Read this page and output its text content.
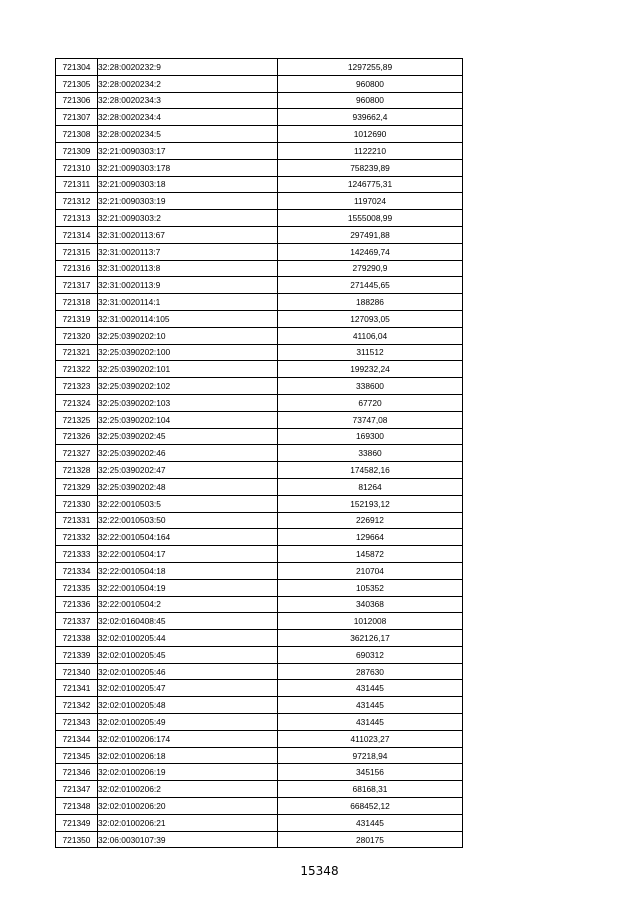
721304	32:28:0020232:9	1297255,89
721305	32:28:0020234:2	960800
721306	32:28:0020234:3	960800
721307	32:28:0020234:4	939662,4
721308	32:28:0020234:5	1012690
721309	32:21:0090303:17	1122210
721310	32:21:0090303:178	758239,89
721311	32:21:0090303:18	1246775,31
721312	32:21:0090303:19	1197024
721313	32:21:0090303:2	1555008,99
721314	32:31:0020113:67	297491,88
721315	32:31:0020113:7	142469,74
721316	32:31:0020113:8	279290,9
721317	32:31:0020113:9	271445,65
721318	32:31:0020114:1	188286
721319	32:31:0020114:105	127093,05
721320	32:25:0390202:10	41106,04
721321	32:25:0390202:100	311512
721322	32:25:0390202:101	199232,24
721323	32:25:0390202:102	338600
721324	32:25:0390202:103	67720
721325	32:25:0390202:104	73747,08
721326	32:25:0390202:45	169300
721327	32:25:0390202:46	33860
721328	32:25:0390202:47	174582,16
721329	32:25:0390202:48	81264
721330	32:22:0010503:5	152193,12
721331	32:22:0010503:50	226912
721332	32:22:0010504:164	129664
721333	32:22:0010504:17	145872
721334	32:22:0010504:18	210704
721335	32:22:0010504:19	105352
721336	32:22:0010504:2	340368
721337	32:02:0160408:45	1012008
721338	32:02:0100205:44	362126,17
721339	32:02:0100205:45	690312
721340	32:02:0100205:46	287630
721341	32:02:0100205:47	431445
721342	32:02:0100205:48	431445
721343	32:02:0100205:49	431445
721344	32:02:0100206:174	411023,27
721345	32:02:0100206:18	97218,94
721346	32:02:0100206:19	345156
721347	32:02:0100206:2	68168,31
721348	32:02:0100206:20	668452,12
721349	32:02:0100206:21	431445
721350	32:06:0030107:39	280175
15348
